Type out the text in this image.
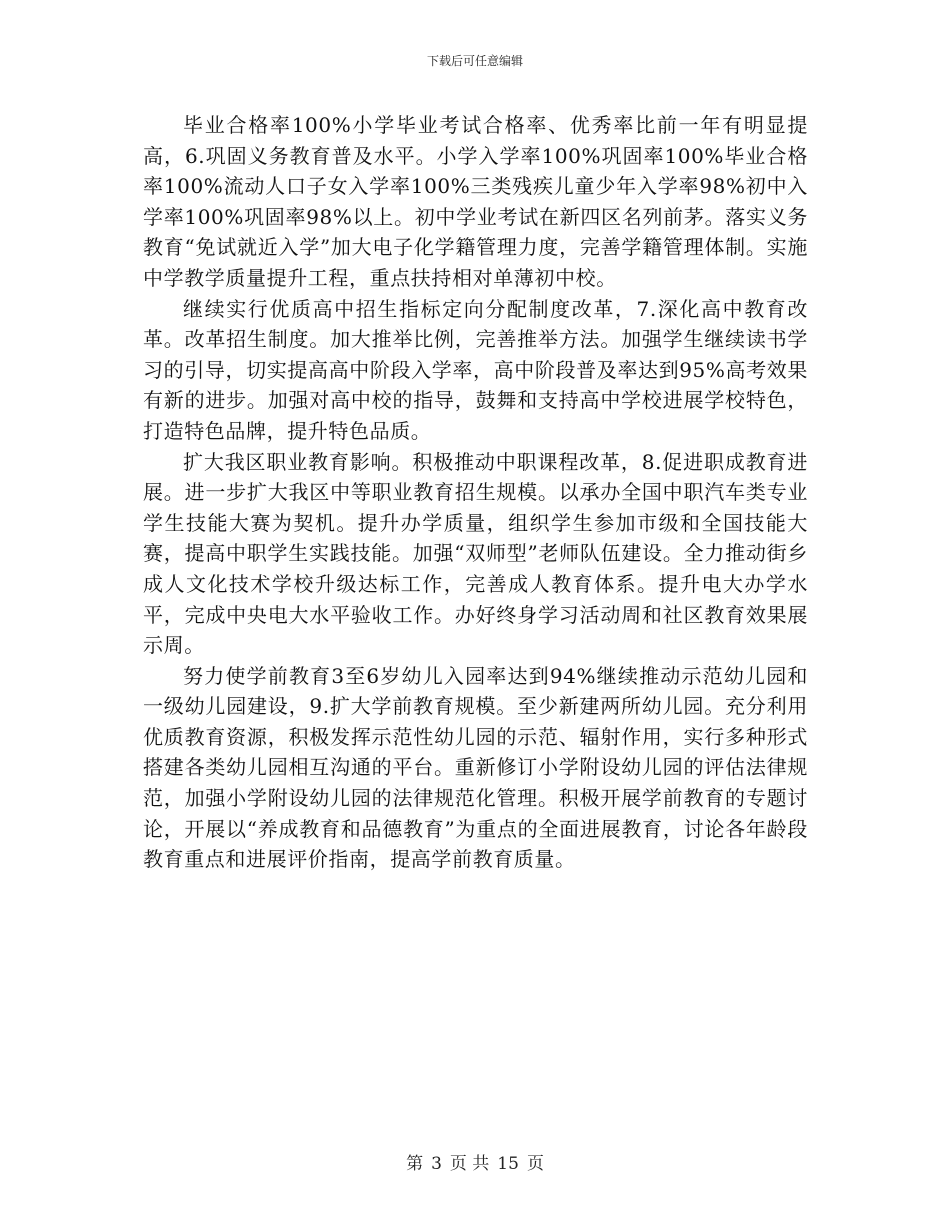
下载后可任意编辑

毕业合格率100%小学毕业考试合格率、优秀率比前一年有明显提高，6.巩固义务教育普及水平。小学入学率100%巩固率100%毕业合格率100%流动人口子女入学率100%三类残疾儿童少年入学率98%初中入学率100%巩固率98%以上。初中学业考试在新四区名列前茅。落实义务教育“免试就近入学”加大电子化学籍管理力度，完善学籍管理体制。实施中学教学质量提升工程，重点扶持相对单薄初中校。

继续实行优质高中招生指标定向分配制度改革，7.深化高中教育改革。改革招生制度。加大推举比例，完善推举方法。加强学生继续读书学习的引导，切实提高高中阶段入学率，高中阶段普及率达到95%高考效果有新的进步。加强对高中校的指导，鼓舞和支持高中学校进展学校特色，打造特色品牌，提升特色品质。

扩大我区职业教育影响。积极推动中职课程改革，8.促进职成教育进展。进一步扩大我区中等职业教育招生规模。以承办全国中职汽车类专业学生技能大赛为契机。提升办学质量，组织学生参加市级和全国技能大赛，提高中职学生实践技能。加强“双师型”老师队伍建设。全力推动街乡成人文化技术学校升级达标工作，完善成人教育体系。提升电大办学水平，完成中央电大水平验收工作。办好终身学习活动周和社区教育效果展示周。

努力使学前教育3至6岁幼儿入园率达到94%继续推动示范幼儿园和一级幼儿园建设，9.扩大学前教育规模。至少新建两所幼儿园。充分利用优质教育资源，积极发挥示范性幼儿园的示范、辐射作用，实行多种形式搭建各类幼儿园相互沟通的平台。重新修订小学附设幼儿园的评估法律规范，加强小学附设幼儿园的法律规范化管理。积极开展学前教育的专题讨论，开展以“养成教育和品德教育”为重点的全面进展教育，讨论各年龄段教育重点和进展评价指南，提高学前教育质量。

第 3 页 共 15 页
